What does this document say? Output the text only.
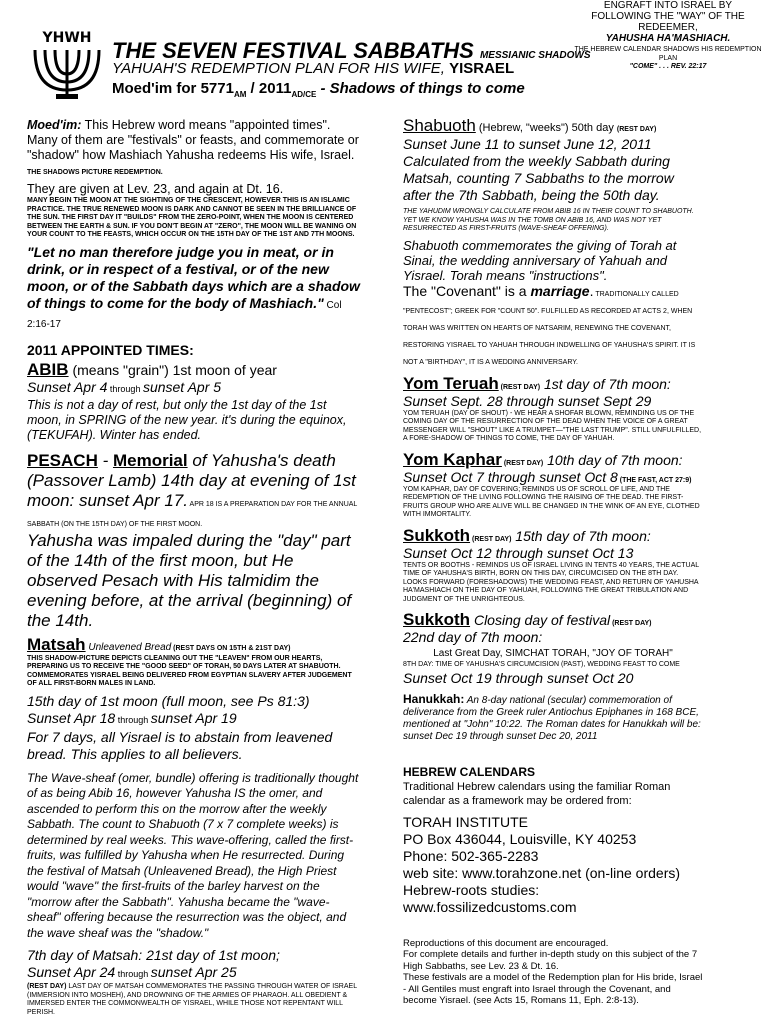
YHWH THE SEVEN FESTIVAL SABBATHS MESSIANIC SHADOWS
YAHUAH'S REDEMPTION PLAN FOR HIS WIFE, YISRAEL
Moed'im for $5771_{AM} / 2011_{AD/CE}$ - Shadows of things to come
ENGRAFT INTO ISRAEL BY FOLLOWING THE "WAY" OF THE REDEEMER,
YAHUSHA HA'MASHIACH.
THE HEBREW CALENDAR SHADOWS HIS REDEMPTION PLAN
"COME" . . . REV. 22:17

Moed'im: This Hebrew word means "appointed times". Many of them are "festivals" or feasts, and commemorate or "shadow" how Mashiach Yahusha redeems His wife, Israel. THE SHADOWS PICTURE REDEMPTION.

They are given at Lev. 23, and again at Dt. 16.

MANY BEGIN THE MOON AT THE SIGHTING OF THE CRESCENT, HOWEVER THIS IS AN ISLAMIC PRACTICE. THE TRUE RENEWED MOON IS DARK AND CANNOT BE SEEN IN THE BRILLIANCE OF THE SUN. THE FIRST DAY IT "BUILDS" FROM THE ZERO-POINT, WHEN THE MOON IS CENTERED BETWEEN THE EARTH & SUN. IF YOU DON'T BEGIN AT "ZERO", THE MOON WILL BE WANING ON YOUR COUNT TO THE FEASTS, WHICH OCCUR ON THE 15TH DAY OF THE 1ST AND 7TH MOONS.

"Let no man therefore judge you in meat, or in drink, or in respect of a festival, or of the new moon, or of the Sabbath days which are a shadow of things to come for the body of Mashiach." Col 2:16-17

2011 APPOINTED TIMES:

ABIB (means "grain") 1st moon of year

Sunset Apr 4 through sunset Apr 5

This is not a day of rest, but only the 1st day of the 1st moon, in SPRING of the new year. it's during the equinox, (TEKUFAH). Winter has ended.

PESACH - Memorial of Yahusha's death (Passover Lamb) 14th day at evening of 1st moon: sunset Apr 17. APR 18 IS A PREPARATION DAY FOR THE ANNUAL SABBATH (ON THE 15TH DAY) OF THE FIRST MOON.

Yahusha was impaled during the "day" part of the 14th of the first moon, but He observed Pesach with His talmidim the evening before, at the arrival (beginning) of the 14th.

Matsah Unleavened Bread (REST DAYS ON 15TH & 21ST DAY)

THIS SHADOW-PICTURE DEPICTS CLEANING OUT THE "LEAVEN" FROM OUR HEARTS, PREPARING US TO RECEIVE THE "GOOD SEED" OF TORAH, 50 DAYS LATER AT SHABUOTH. COMMEMORATES YISRAEL BEING DELIVERED FROM EGYPTIAN SLAVERY AFTER JUDGEMENT OF ALL FIRST-BORN MALES IN LAND.

15th day of 1st moon (full moon, see Ps 81:3)

Sunset Apr 18 through sunset Apr 19

For 7 days, all Yisrael is to abstain from leavened bread. This applies to all believers.

The Wave-sheaf (omer, bundle) offering is traditionally thought of as being Abib 16, however Yahusha IS the omer, and ascended to perform this on the morrow after the weekly Sabbath. The count to Shabuoth (7 x 7 complete weeks) is determined by real weeks. This wave-offering, called the first-fruits, was fulfilled by Yahusha when He resurrected. During the festival of Matsah (Unleavened Bread), the High Priest would "wave" the first-fruits of the barley harvest on the "morrow after the Sabbath". Yahusha became the "wave-sheaf" offering because the resurrection was the object, and the wave sheaf was the "shadow."

7th day of Matsah: 21st day of 1st moon;

Sunset Apr 24 through sunset Apr 25

(REST DAY) LAST DAY OF MATSAH COMMEMORATES THE PASSING THROUGH WATER OF ISRAEL (IMMERSION INTO MOSHEH), AND DROWNING OF THE ARMIES OF PHARAOH. ALL OBEDIENT & IMMERSED ENTER THE COMMONWEALTH OF YISRAEL, WHILE THOSE NOT REPENTANT WILL PERISH.

Shabuoth (Hebrew, "weeks") 50th day (REST DAY)

Sunset June 11 to sunset June 12, 2011

Calculated from the weekly Sabbath during Matsah, counting 7 Sabbaths to the morrow after the 7th Sabbath, being the 50th day.

THE YAHUDIM WRONGLY CALCULATE FROM ABIB 16 IN THEIR COUNT TO SHABUOTH. YET WE KNOW YAHUSHA WAS IN THE TOMB ON ABIB 16, AND WAS NOT YET RESURRECTED AS FIRST-FRUITS (WAVE-SHEAF OFFERING).

Shabuoth commemorates the giving of Torah at Sinai, the wedding anniversary of Yahuah and Yisrael. Torah means "instructions".

The "Covenant" is a marriage. TRADITIONALLY CALLED "PENTECOST"; GREEK FOR "COUNT 50". FULFILLED AS RECORDED AT ACTS 2, WHEN TORAH WAS WRITTEN ON HEARTS OF NATSARIM, RENEWING THE COVENANT, RESTORING YISRAEL TO YAHUAH THROUGH INDWELLING OF YAHUSHA'S SPIRIT. IT IS NOT A "BIRTHDAY", IT IS A WEDDING ANNIVERSARY.

Yom Teruah (REST DAY) 1st day of 7th moon:

Sunset Sept. 28 through sunset Sept 29

YOM TERUAH (DAY OF SHOUT) - WE HEAR A SHOFAR BLOWN, REMINDING US OF THE COMING DAY OF THE RESURRECTION OF THE DEAD WHEN THE VOICE OF A GREAT MESSENGER WILL "SHOUT" LIKE A TRUMPET—"THE LAST TRUMP". STILL UNFULFILLED, A FORE-SHADOW OF THINGS TO COME, THE DAY OF YAHUAH.

Yom Kaphar (REST DAY) 10th day of 7th moon:

Sunset Oct 7 through sunset Oct 8 (THE FAST, ACT 27:9)

YOM KAPHAR, DAY OF COVERING; REMINDS US OF SCROLL OF LIFE, AND THE REDEMPTION OF THE LIVING FOLLOWING THE RAISING OF THE DEAD. THE FIRST-FRUITS GROUP WHO ARE ALIVE WILL BE CHANGED IN THE WINK OF AN EYE, CLOTHED WITH IMMORTALITY.

Sukkoth (REST DAY) 15th day of 7th moon:

Sunset Oct 12 through sunset Oct 13

TENTS OR BOOTHS - REMINDS US OF ISRAEL LIVING IN TENTS 40 YEARS, THE ACTUAL TIME OF YAHUSHA'S BIRTH, BORN ON THIS DAY, CIRCUMCISED ON THE 8TH DAY. LOOKS FORWARD (FORESHADOWS) THE WEDDING FEAST, AND RETURN OF YAHUSHA HA'MASHIACH ON THE DAY OF YAHUAH, FOLLOWING THE GREAT TRIBULATION AND JUDGMENT OF THE UNRIGHTEOUS.

Sukkoth Closing day of festival (REST DAY)

22nd day of 7th moon:

Last Great Day, SIMCHAT TORAH, "JOY OF TORAH"

8TH DAY: TIME OF YAHUSHA'S CIRCUMCISION (PAST), WEDDING FEAST TO COME

Sunset Oct 19 through sunset Oct 20

Hanukkah: An 8-day national (secular) commemoration of deliverance from the Greek ruler Antiochus Epiphanes in 168 BCE, mentioned at "John" 10:22. The Roman dates for Hanukkah will be: sunset Dec 19 through sunset Dec 20, 2011

HEBREW CALENDARS

Traditional Hebrew calendars using the familiar Roman calendar as a framework may be ordered from:

TORAH INSTITUTE

PO Box 436044, Louisville, KY 40253

Phone: 502-365-2283

web site: www.torahzone.net (on-line orders)

Hebrew-roots studies:

www.fossilizedcustoms.com

Reproductions of this document are encouraged.

For complete details and further in-depth study on this subject of the 7 High Sabbaths, see Lev. 23 & Dt. 16.

These festivals are a model of the Redemption plan for His bride, Israel - All Gentiles must engraft into Israel through the Covenant, and become Yisrael. (see Acts 15, Romans 11, Eph. 2:8-13).
